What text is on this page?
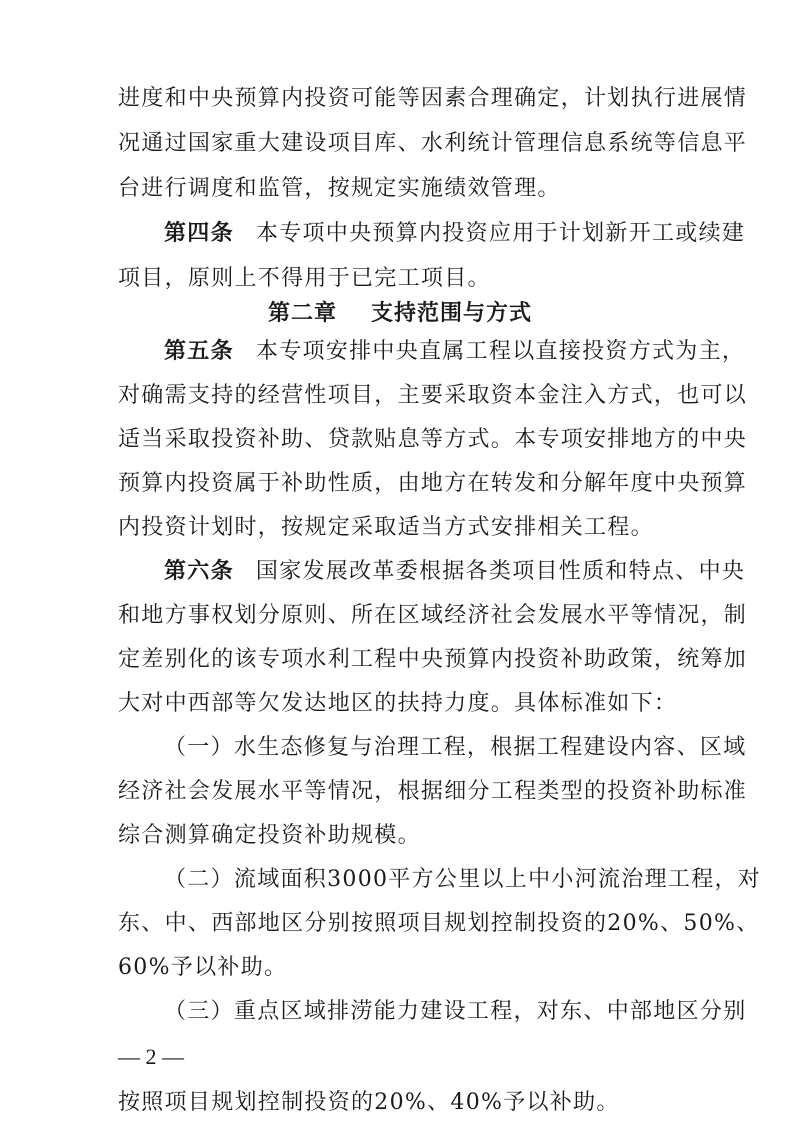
进度和中央预算内投资可能等因素合理确定，计划执行进展情
况通过国家重大建设项目库、水利统计管理信息系统等信息平
台进行调度和监管，按规定实施绩效管理。
第四条 本专项中央预算内投资应用于计划新开工或续建
项目，原则上不得用于已完工项目。
第二章 支持范围与方式
第五条 本专项安排中央直属工程以直接投资方式为主，
对确需支持的经营性项目，主要采取资本金注入方式，也可以
适当采取投资补助、贷款贴息等方式。本专项安排地方的中央
预算内投资属于补助性质，由地方在转发和分解年度中央预算
内投资计划时，按规定采取适当方式安排相关工程。
第六条 国家发展改革委根据各类项目性质和特点、中央
和地方事权划分原则、所在区域经济社会发展水平等情况，制
定差别化的该专项水利工程中央预算内投资补助政策，统筹加
大对中西部等欠发达地区的扶持力度。具体标准如下：
（一）水生态修复与治理工程，根据工程建设内容、区域
经济社会发展水平等情况，根据细分工程类型的投资补助标准
综合测算确定投资补助规模。
（二）流域面积3000平方公里以上中小河流治理工程，对
东、中、西部地区分别按照项目规划控制投资的20%、50%、
60%予以补助。
（三）重点区域排涝能力建设工程，对东、中部地区分别
按照项目规划控制投资的20%、40%予以补助。
— 2 —
